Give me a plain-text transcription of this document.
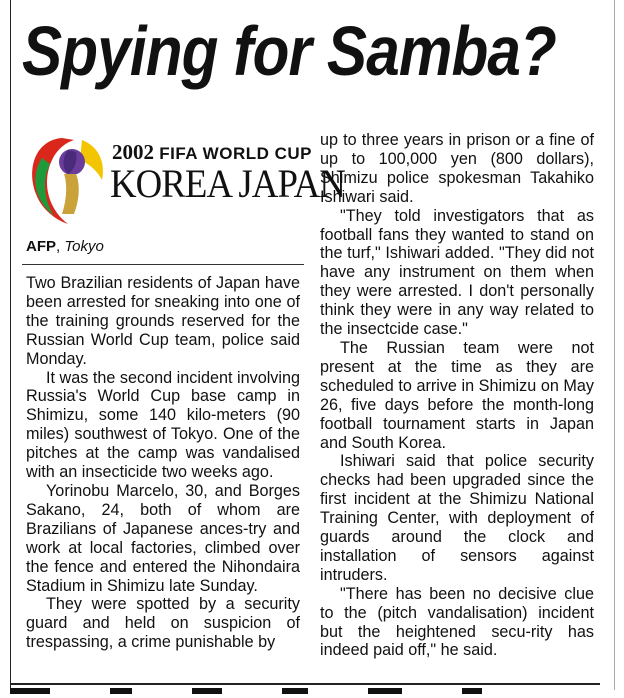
Spying for Samba?
2002 FIFA WORLD CUP
KOREA JAPAN
AFP, Tokyo

Two Brazilian residents of Japan have been arrested for sneaking into one of the training grounds reserved for the Russian World Cup team, police said Monday.

It was the second incident involving Russia's World Cup base camp in Shimizu, some 140 kilo-meters (90 miles) southwest of Tokyo. One of the pitches at the camp was vandalised with an insecticide two weeks ago.

Yorinobu Marcelo, 30, and Borges Sakano, 24, both of whom are Brazilians of Japanese ances-try and work at local factories, climbed over the fence and entered the Nihondaira Stadium in Shimizu late Sunday.

They were spotted by a security guard and held on suspicion of trespassing, a crime punishable by

up to three years in prison or a fine of up to 100,000 yen (800 dollars), Shimizu police spokesman Takahiko Ishiwari said.

"They told investigators that as football fans they wanted to stand on the turf," Ishiwari added. "They did not have any instrument on them when they were arrested. I don't personally think they were in any way related to the insectcide case."

The Russian team were not present at the time as they are scheduled to arrive in Shimizu on May 26, five days before the month-long football tournament starts in Japan and South Korea.

Ishiwari said that police security checks had been upgraded since the first incident at the Shimizu National Training Center, with deployment of guards around the clock and installation of sensors against intruders.

"There has been no decisive clue to the (pitch vandalisation) incident but the heightened secu-rity has indeed paid off," he said.
